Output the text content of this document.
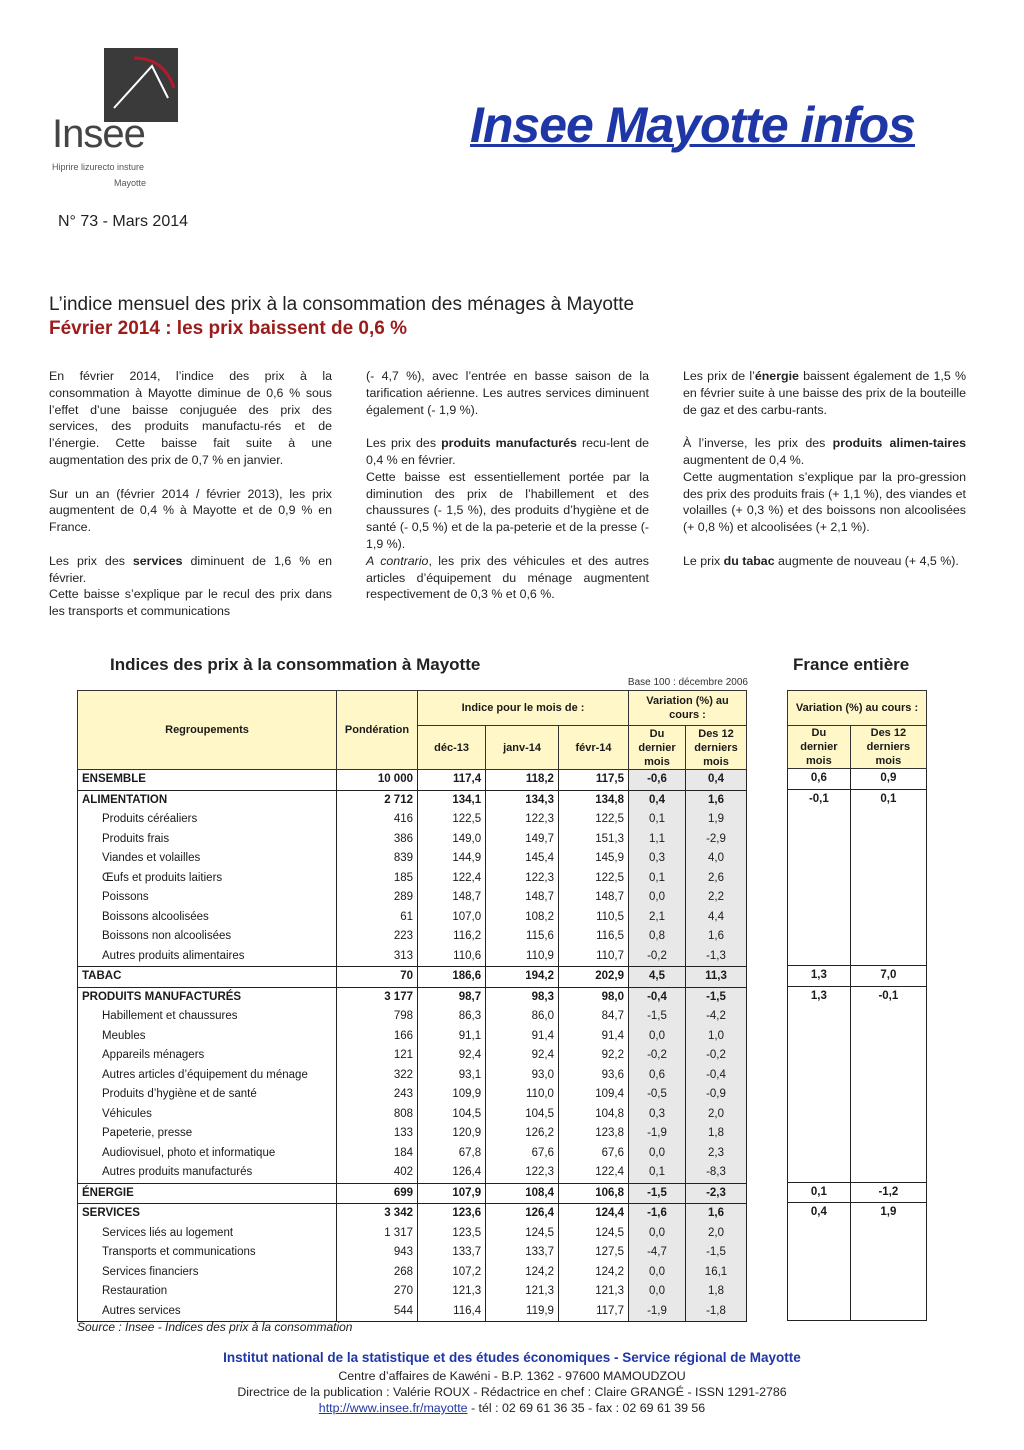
Insee
Hiprire lizurecto insture
Mayotte
Insee Mayotte infos
N° 73 - Mars 2014
L’indice mensuel des prix à la consommation des ménages à Mayotte
Février 2014 : les prix baissent de 0,6 %

En février 2014, l’indice des prix à la consommation à Mayotte diminue de 0,6 % sous l’effet d’une baisse conjuguée des prix des services, des produits manufactu-rés et de l’énergie. Cette baisse fait suite à une augmentation des prix de 0,7 % en janvier.

Sur un an (février 2014 / février 2013), les prix augmentent de 0,4 % à Mayotte et de 0,9 % en France.

Les prix des services diminuent de 1,6 % en février.

Cette baisse s’explique par le recul des prix dans les transports et communications

(- 4,7 %), avec l’entrée en basse saison de la tarification aérienne. Les autres services diminuent également (- 1,9 %).

Les prix des produits manufacturés recu-lent de 0,4 % en février.

Cette baisse est essentiellement portée par la diminution des prix de l’habillement et des chaussures (- 1,5 %), des produits d’hygiène et de santé (- 0,5 %) et de la pa-peterie et de la presse (- 1,9 %).

A contrario, les prix des véhicules et des autres articles d’équipement du ménage augmentent respectivement de 0,3 % et 0,6 %.

Les prix de l’énergie baissent également de 1,5 % en février suite à une baisse des prix de la bouteille de gaz et des carbu-rants.

À l’inverse, les prix des produits alimen-taires augmentent de 0,4 %.

Cette augmentation s’explique par la pro-gression des prix des produits frais (+ 1,1 %), des viandes et volailles (+ 0,3 %) et des boissons non alcoolisées (+ 0,8 %) et alcoolisées (+ 2,1 %).

Le prix du tabac augmente de nouveau (+ 4,5 %).

Indices des prix à la consommation à Mayotte	France entière
Base 100 : décembre 2006
Regroupements	Pondération	Indice pour le mois de :			Variation (%) au cours :	
		déc-13	janv-14	févr-14	Du dernier mois	Des 12 derniers mois
ENSEMBLE	10 000	117,4	118,2	117,5	-0,6	0,4
ALIMENTATION	2 712	134,1	134,3	134,8	0,4	1,6
Produits céréaliers	416	122,5	122,3	122,5	0,1	1,9
Produits frais	386	149,0	149,7	151,3	1,1	-2,9
Viandes et volailles	839	144,9	145,4	145,9	0,3	4,0
Œufs et produits laitiers	185	122,4	122,3	122,5	0,1	2,6
Poissons	289	148,7	148,7	148,7	0,0	2,2
Boissons alcoolisées	61	107,0	108,2	110,5	2,1	4,4
Boissons non alcoolisées	223	116,2	115,6	116,5	0,8	1,6
Autres produits alimentaires	313	110,6	110,9	110,7	-0,2	-1,3
TABAC	70	186,6	194,2	202,9	4,5	11,3
PRODUITS MANUFACTURÉS	3 177	98,7	98,3	98,0	-0,4	-1,5
Habillement et chaussures	798	86,3	86,0	84,7	-1,5	-4,2
Meubles	166	91,1	91,4	91,4	0,0	1,0
Appareils ménagers	121	92,4	92,4	92,2	-0,2	-0,2
Autres articles d’équipement du ménage	322	93,1	93,0	93,6	0,6	-0,4
Produits d’hygiène et de santé	243	109,9	110,0	109,4	-0,5	-0,9
Véhicules	808	104,5	104,5	104,8	0,3	2,0
Papeterie, presse	133	120,9	126,2	123,8	-1,9	1,8
Audiovisuel, photo et informatique	184	67,8	67,6	67,6	0,0	2,3
Autres produits manufacturés	402	126,4	122,3	122,4	0,1	-8,3
ÉNERGIE	699	107,9	108,4	106,8	-1,5	-2,3
SERVICES	3 342	123,6	126,4	124,4	-1,6	1,6
Services liés au logement	1 317	123,5	124,5	124,5	0,0	2,0
Transports et communications	943	133,7	133,7	127,5	-4,7	-1,5
Services financiers	268	107,2	124,2	124,2	0,0	16,1
Restauration	270	121,3	121,3	121,3	0,0	1,8
Autres services	544	116,4	119,9	117,7	-1,9	-1,8
Variation (%) au cours :	
Du dernier mois	Des 12 derniers mois
0,6	0,9
-0,1	0,1

1,3	7,0
1,3	-0,1

0,1	-1,2
0,4	1,9

Source : Insee - Indices des prix à la consommation
Institut national de la statistique et des études économiques - Service régional de Mayotte
Centre d’affaires de Kawéni - B.P. 1362 - 97600 MAMOUDZOU
Directrice de la publication : Valérie ROUX - Rédactrice en chef : Claire GRANGÉ - ISSN 1291-2786
http://www.insee.fr/mayotte - tél : 02 69 61 36 35 - fax : 02 69 61 39 56
